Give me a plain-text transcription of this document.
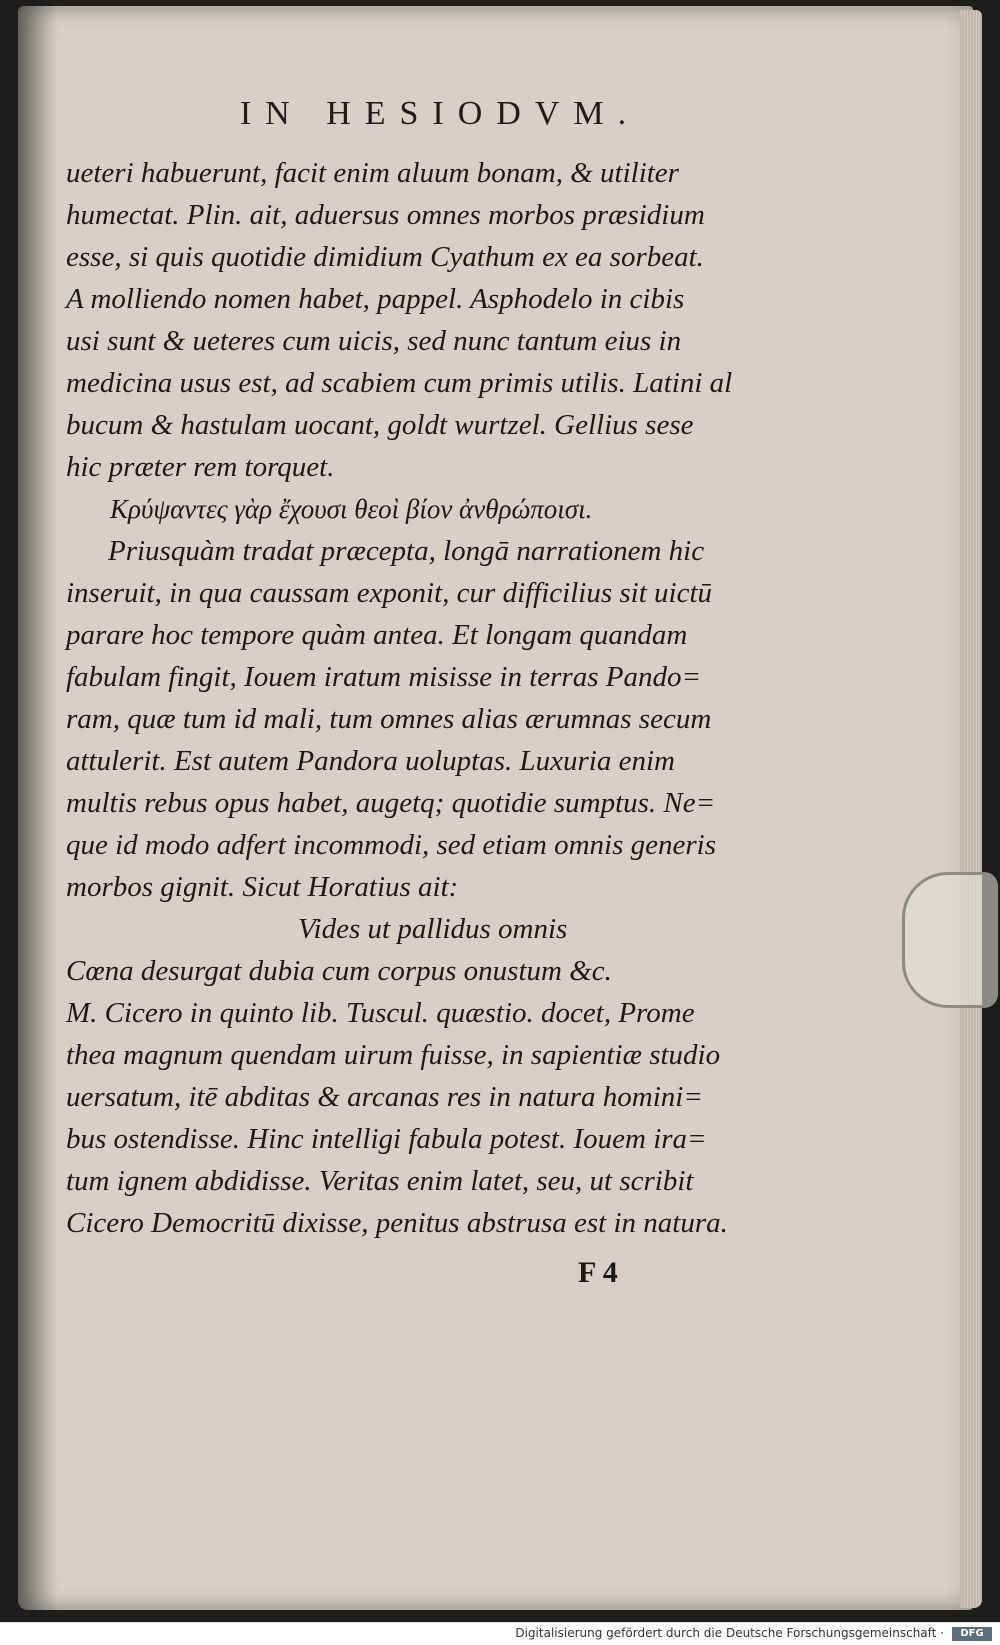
IN HESIODVM.
ueteri habuerunt, facit enim aluum bonam, & utiliter
humectat. Plin. ait, aduersus omnes morbos præsidium
esse, si quis quotidie dimidium Cyathum ex ea sorbeat.
A molliendo nomen habet, pappel. Asphodelo in cibis
usi sunt & ueteres cum uicis, sed nunc tantum eius in
medicina usus est, ad scabiem cum primis utilis. Latini al
bucum & hastulam uocant, goldt wurtzel. Gellius sese
hic præter rem torquet.
Κρύψαντες γὰρ ἔχουσι θεοὶ βίον ἀνθρώποισι.
Priusquàm tradat præcepta, longā narrationem hic
inseruit, in qua caussam exponit, cur difficilius sit uictū
parare hoc tempore quàm antea. Et longam quandam
fabulam fingit, Iouem iratum misisse in terras Pando=
ram, quæ tum id mali, tum omnes alias ærumnas secum
attulerit. Est autem Pandora uoluptas. Luxuria enim
multis rebus opus habet, augetq; quotidie sumptus. Ne=
que id modo adfert incommodi, sed etiam omnis generis
morbos gignit. Sicut Horatius ait:
Vides ut pallidus omnis
Cœna desurgat dubia cum corpus onustum &c.
M. Cicero in quinto lib. Tuscul. quæstio. docet, Prome
thea magnum quendam uirum fuisse, in sapientiæ studio
uersatum, itē abditas & arcanas res in natura homini=
bus ostendisse. Hinc intelligi fabula potest. Iouem ira=
tum ignem abdidisse. Veritas enim latet, seu, ut scribit
Cicero Democritū dixisse, penitus abstrusa est in natura.
F 4
Digitalisierung gefördert durch die Deutsche Forschungsgemeinschaft ·	DFG
